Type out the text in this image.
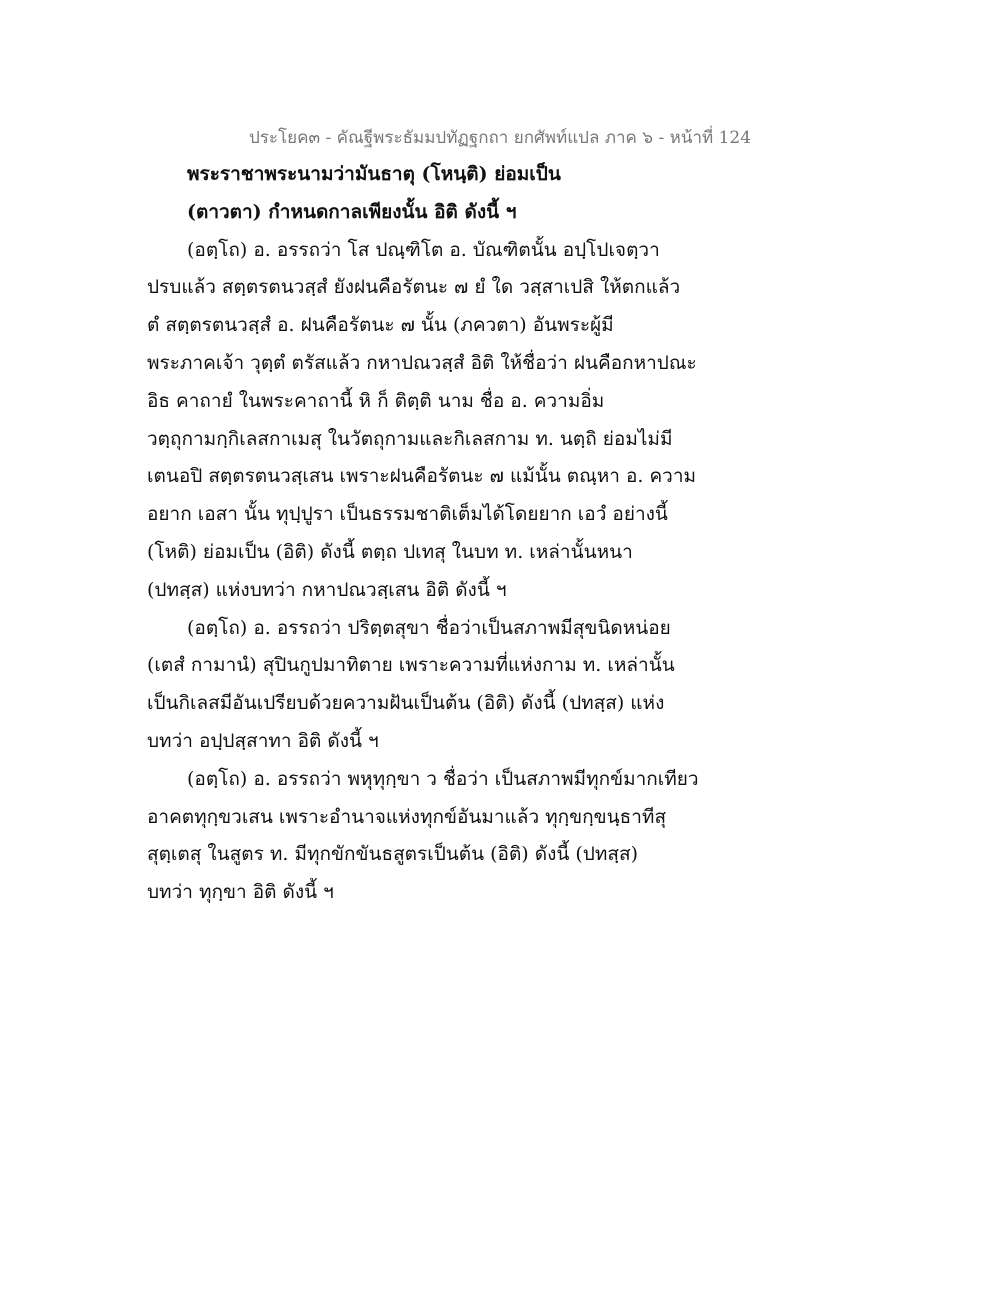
ประโยค๓ - คัณฐีพระธัมมปทัฏฐกถา ยกศัพท์แปล ภาค ๖ - หน้าที่ 124
พระราชาพระนามว่ามันธาตุ (โหนฺติ) ย่อมเป็น
(ตาวตา) กำหนดกาลเพียงนั้น อิติ ดังนี้ ฯ
(อตฺโถ) อ. อรรถว่า โส ปณฺฑิโต อ. บัณฑิตนั้น อปฺโปเจตฺวา
ปรบแล้ว สตฺตรตนวสฺสํ ยังฝนคือรัตนะ ๗ ยํ ใด วสฺสาเปสิ ให้ตกแล้ว
ตํ สตฺตรตนวสฺสํ อ. ฝนคือรัตนะ ๗ นั้น (ภควตา) อันพระผู้มี
พระภาคเจ้า วุตฺตํ ตรัสแล้ว กหาปณวสฺสํ อิติ ให้ชื่อว่า ฝนคือกหาปณะ
อิธ คาถายํ ในพระคาถานี้ หิ ก็ ติตฺติ นาม ชื่อ อ. ความอิ่ม
วตฺถุกามกฺกิเลสกาเมสุ ในวัตถุกามและกิเลสกาม ท. นตฺถิ ย่อมไม่มี
เตนอปิ สตฺตรตนวสฺเสน เพราะฝนคือรัตนะ ๗ แม้นั้น ตณฺหา อ. ความ
อยาก เอสา นั้น ทุปฺปูรา เป็นธรรมชาติเต็มได้โดยยาก เอวํ อย่างนี้
(โหติ) ย่อมเป็น (อิติ) ดังนี้ ตตฺถ ปเทสุ ในบท ท. เหล่านั้นหนา
(ปทสฺส) แห่งบทว่า กหาปณวสฺเสน อิติ ดังนี้ ฯ
(อตฺโถ) อ. อรรถว่า ปริตฺตสุขา ชื่อว่าเป็นสภาพมีสุขนิดหน่อย
(เตสํ กามานํ) สุปินกูปมาทิตาย เพราะความที่แห่งกาม ท. เหล่านั้น
เป็นกิเลสมีอันเปรียบด้วยความฝันเป็นต้น (อิติ) ดังนี้ (ปทสฺส) แห่ง
บทว่า อปฺปสฺสาทา อิติ ดังนี้ ฯ
(อตฺโถ) อ. อรรถว่า พหุทุกฺขา ว ชื่อว่า เป็นสภาพมีทุกข์มากเทียว
อาคตทุกฺขวเสน เพราะอำนาจแห่งทุกข์อันมาแล้ว ทุกฺขกฺขนฺธาทีสุ
สุตฺเตสุ ในสูตร ท. มีทุกขักขันธสูตรเป็นต้น (อิติ) ดังนี้ (ปทสฺส)
บทว่า ทุกฺขา อิติ ดังนี้ ฯ
